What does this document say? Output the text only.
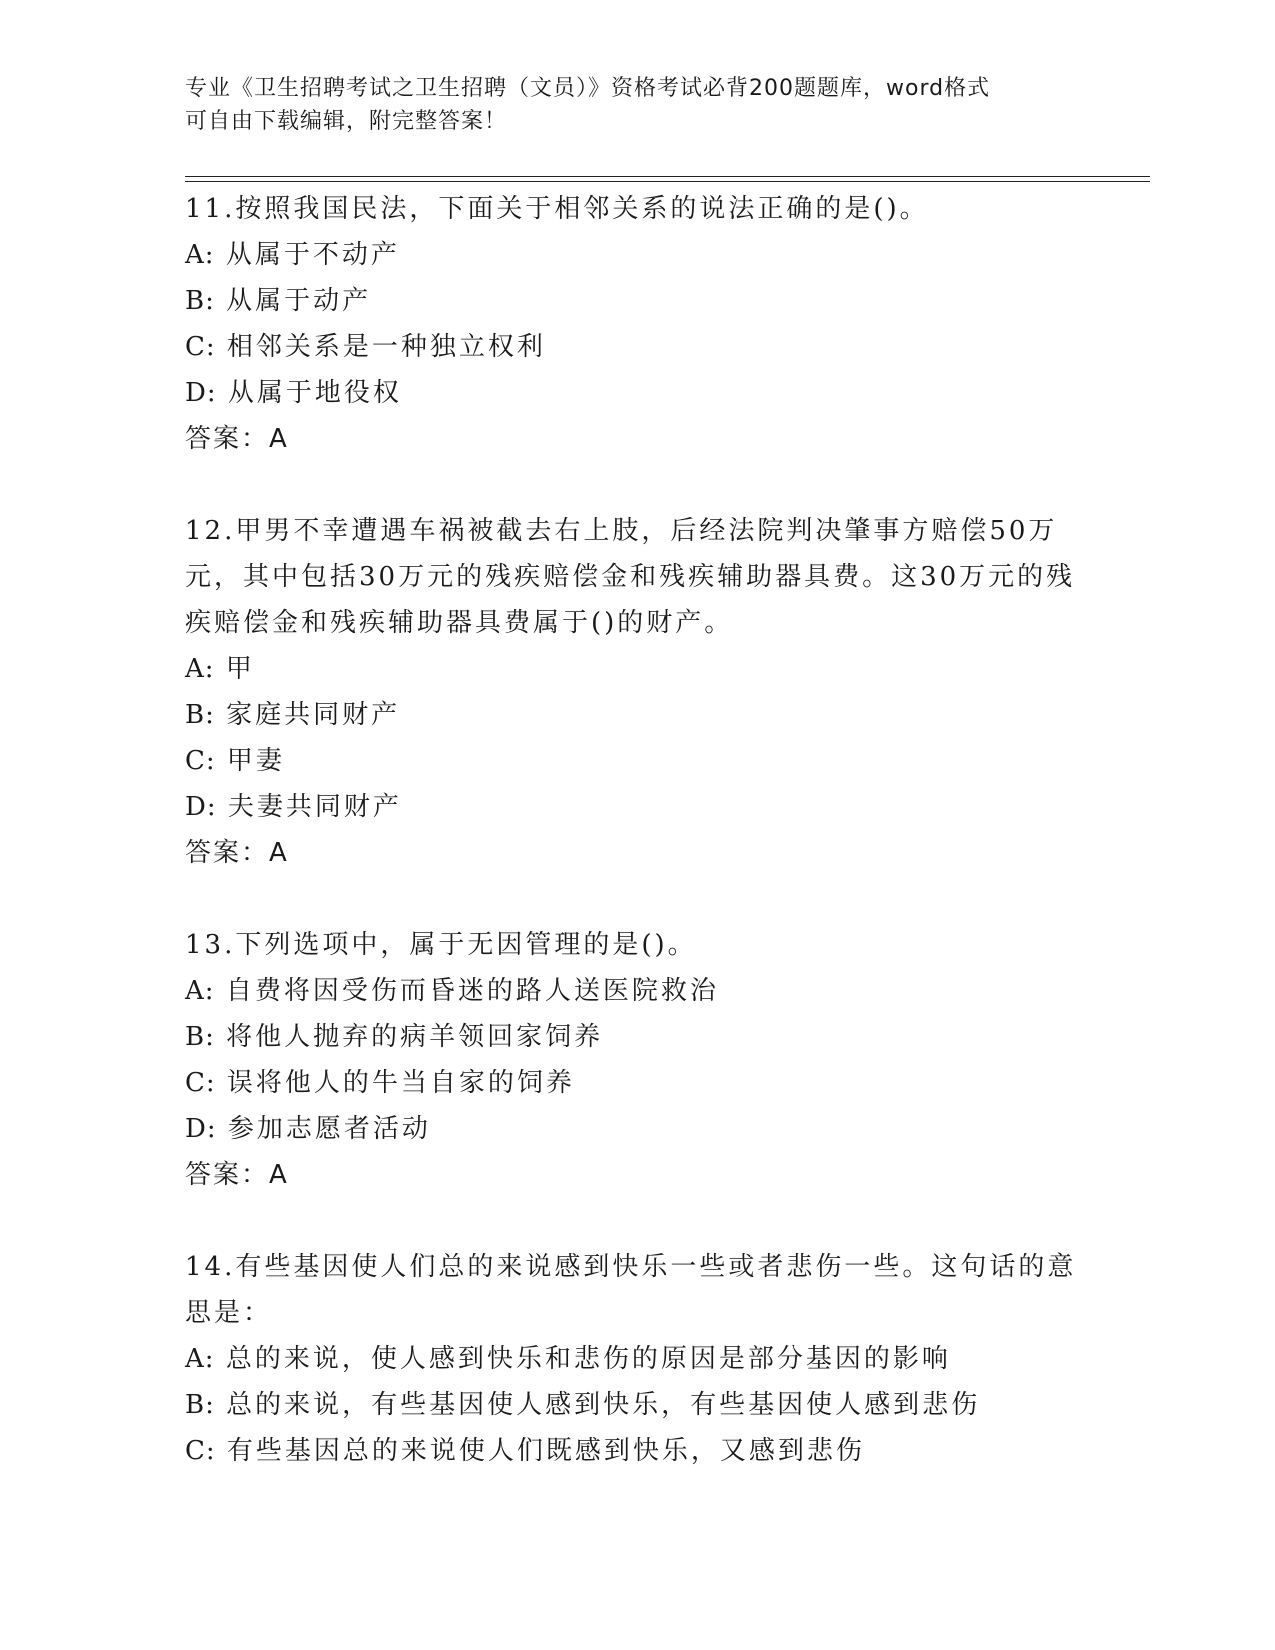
专业《卫生招聘考试之卫生招聘（文员）》资格考试必背200题题库，word格式
可自由下载编辑，附完整答案！

11.按照我国民法，下面关于相邻关系的说法正确的是()。

A: 从属于不动产

B: 从属于动产

C: 相邻关系是一种独立权利

D: 从属于地役权

答案：A

12.甲男不幸遭遇车祸被截去右上肢，后经法院判决肇事方赔偿50万元，其中包括30万元的残疾赔偿金和残疾辅助器具费。这30万元的残疾赔偿金和残疾辅助器具费属于()的财产。

A: 甲

B: 家庭共同财产

C: 甲妻

D: 夫妻共同财产

答案：A

13.下列选项中，属于无因管理的是()。

A: 自费将因受伤而昏迷的路人送医院救治

B: 将他人抛弃的病羊领回家饲养

C: 误将他人的牛当自家的饲养

D: 参加志愿者活动

答案：A

14.有些基因使人们总的来说感到快乐一些或者悲伤一些。这句话的意思是：

A: 总的来说，使人感到快乐和悲伤的原因是部分基因的影响

B: 总的来说，有些基因使人感到快乐，有些基因使人感到悲伤

C: 有些基因总的来说使人们既感到快乐，又感到悲伤
